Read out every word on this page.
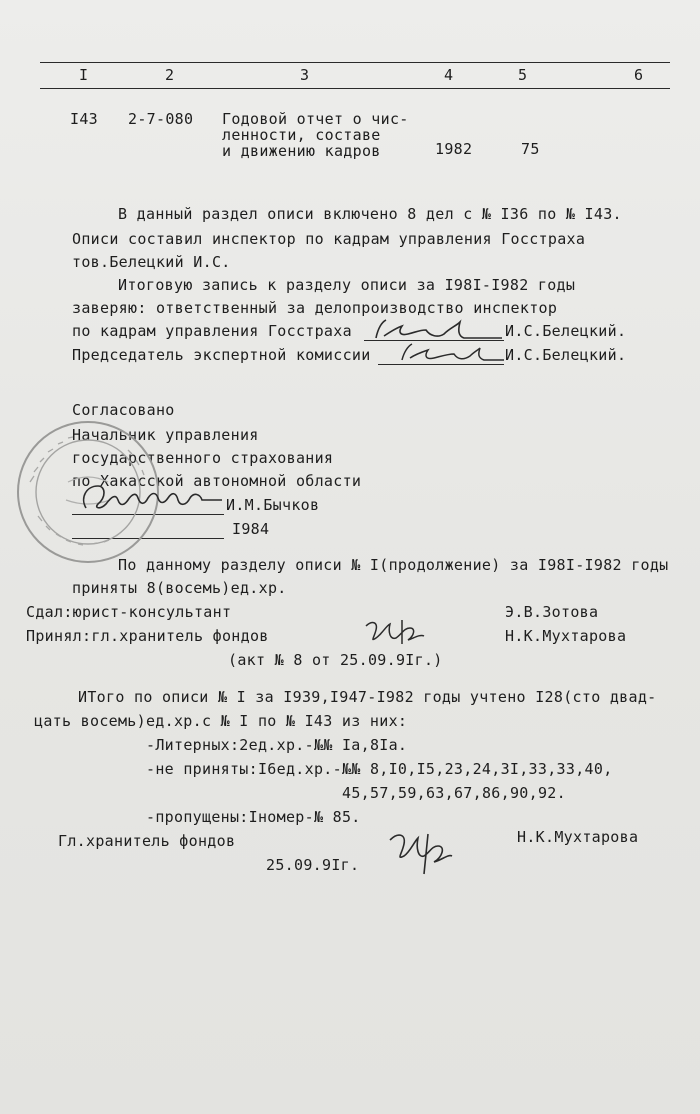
I	2	3	4	5	6
I43 2-7-080 Годовой отчет о чис-
ленности, составе
и движению кадров	1982	75
В данный раздел описи включено 8 дел с № I36 по № I43.
Описи составил инспектор по кадрам управления Госстраха
тов.Белецкий И.С.
Итоговую запись к разделу описи за I98I-I982 годы
заверяю: ответственный за делопроизводство инспектор
по кадрам управления Госстраха	И.С.Белецкий.
Председатель экспертной комиссии	И.С.Белецкий.
Согласовано
Начальник управления
государственного страхования
по Хакасской автономной области
И.М.Бычков
I984
По данному разделу описи № I(продолжение) за I98I-I982 годы
приняты 8(восемь)ед.хр.
Сдал:юрист-консультант	Э.В.Зотова
Принял:гл.хранитель фондов	Н.К.Мухтарова
(акт № 8 от 25.09.9Iг.)
ИТого по описи № I за I939,I947-I982 годы учтено I28(сто двад-
цать восемь)ед.хр.с № I по № I43 из них:
-Литерных:2ед.хр.-№№ Iа,8Iа.
-не приняты:I6ед.хр.-№№ 8,I0,I5,23,24,3I,33,33,40,
45,57,59,63,67,86,90,92.
-пропущены:Iномер-№ 85.
Гл.хранитель фондов	Н.К.Мухтарова
25.09.9Iг.
